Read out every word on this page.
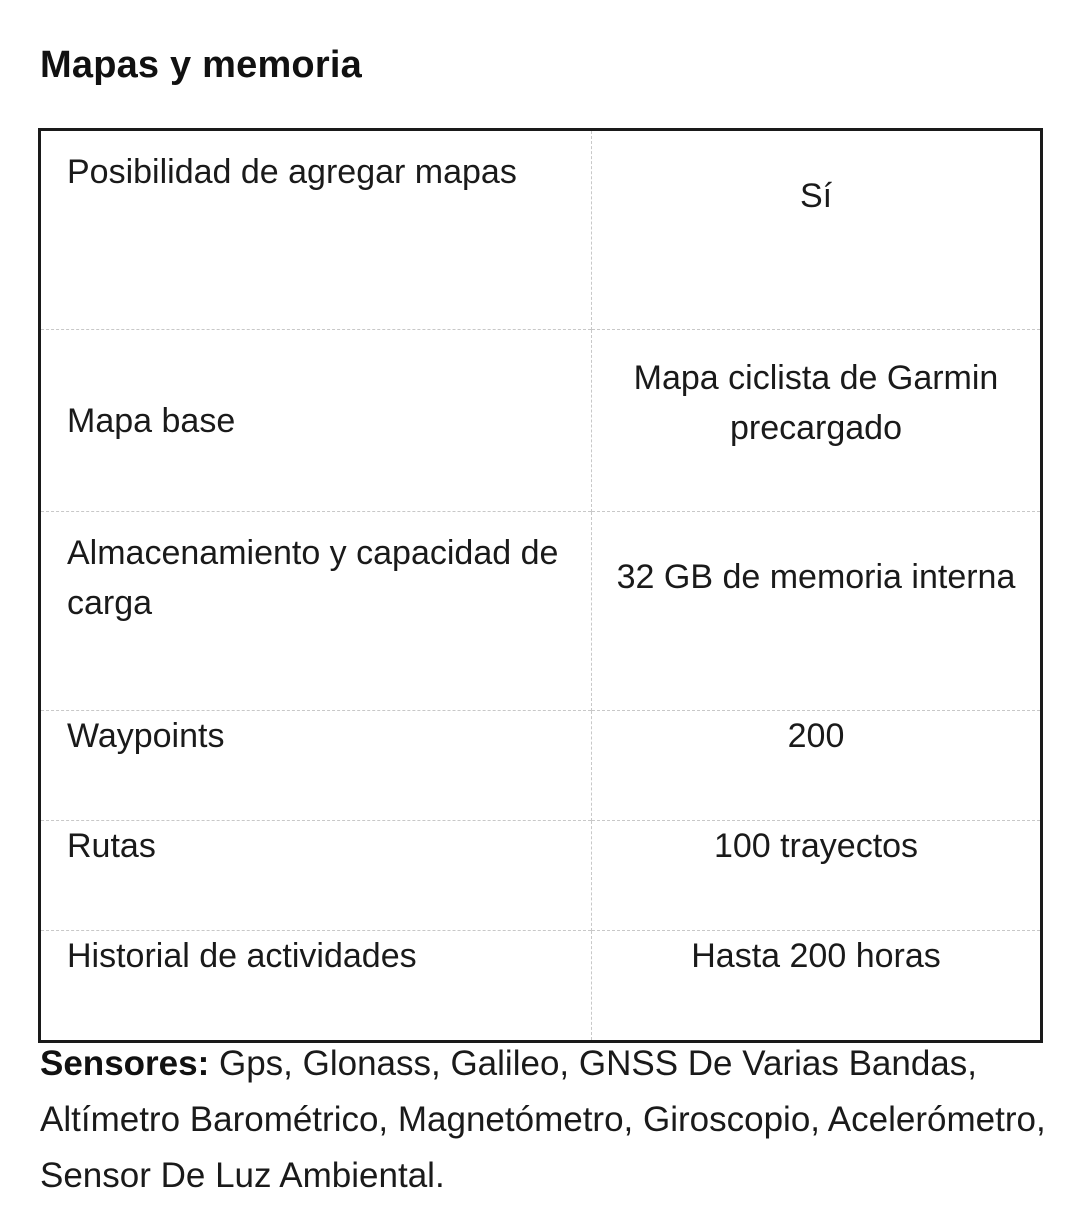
Mapas y memoria
Posibilidad de agregar mapas	Sí
Mapa base	Mapa ciclista de Garmin precargado
Almacenamiento y capacidad de carga	32 GB de memoria interna
Waypoints	200
Rutas	100 trayectos
Historial de actividades	Hasta 200 horas

Sensores: Gps, Glonass, Galileo, GNSS De Varias Bandas, Altímetro Barométrico, Magnetómetro, Giroscopio, Acelerómetro, Sensor De Luz Ambiental.
